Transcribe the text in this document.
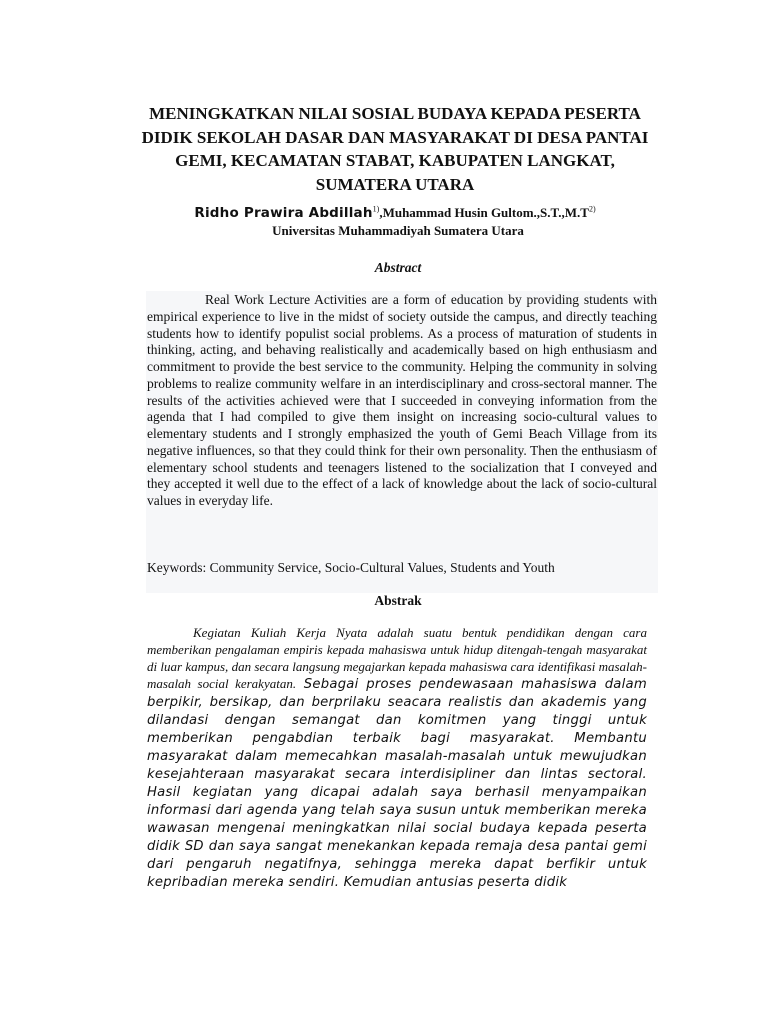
MENINGKATKAN NILAI SOSIAL BUDAYA KEPADA PESERTA DIDIK SEKOLAH DASAR DAN MASYARAKAT DI DESA PANTAI GEMI, KECAMATAN STABAT, KABUPATEN LANGKAT, SUMATERA UTARA
Ridho Prawira Abdillah$^{1)}$,Muhammad Husin $Gultom.,S.T.,M.T^{2)}$
Universitas Muhammadiyah Sumatera Utara
Abstract
Real Work Lecture Activities are a form of education by providing students with empirical experience to live in the midst of society outside the campus, and directly teaching students how to identify populist social problems. As a process of maturation of students in thinking, acting, and behaving realistically and academically based on high enthusiasm and commitment to provide the best service to the community. Helping the community in solving problems to realize community welfare in an interdisciplinary and cross-sectoral manner. The results of the activities achieved were that I succeeded in conveying information from the agenda that I had compiled to give them insight on increasing socio-cultural values to elementary students and I strongly emphasized the youth of Gemi Beach Village from its negative influences, so that they could think for their own personality. Then the enthusiasm of elementary school students and teenagers listened to the socialization that I conveyed and they accepted it well due to the effect of a lack of knowledge about the lack of socio-cultural values in everyday life.
Keywords: Community Service, Socio-Cultural Values, Students and Youth
Abstrak
Kegiatan Kuliah Kerja Nyata adalah suatu bentuk pendidikan dengan cara memberikan pengalaman empiris kepada mahasiswa untuk hidup ditengah-tengah masyarakat di luar kampus, dan secara langsung megajarkan kepada mahasiswa cara identifikasi masalah-masalah social kerakyatan. Sebagai proses pendewasaan mahasiswa dalam berpikir, bersikap, dan berprilaku seacara realistis dan akademis yang dilandasi dengan semangat dan komitmen yang tinggi untuk memberikan pengabdian terbaik bagi masyarakat. Membantu masyarakat dalam memecahkan masalah-masalah untuk mewujudkan kesejahteraan masyarakat secara interdisipliner dan lintas sectoral. Hasil kegiatan yang dicapai adalah saya berhasil menyampaikan informasi dari agenda yang telah saya susun untuk memberikan mereka wawasan mengenai meningkatkan nilai social budaya kepada peserta didik SD dan saya sangat menekankan kepada remaja desa pantai gemi dari pengaruh negatifnya, sehingga mereka dapat berfikir untuk kepribadian mereka sendiri. Kemudian antusias peserta didik
